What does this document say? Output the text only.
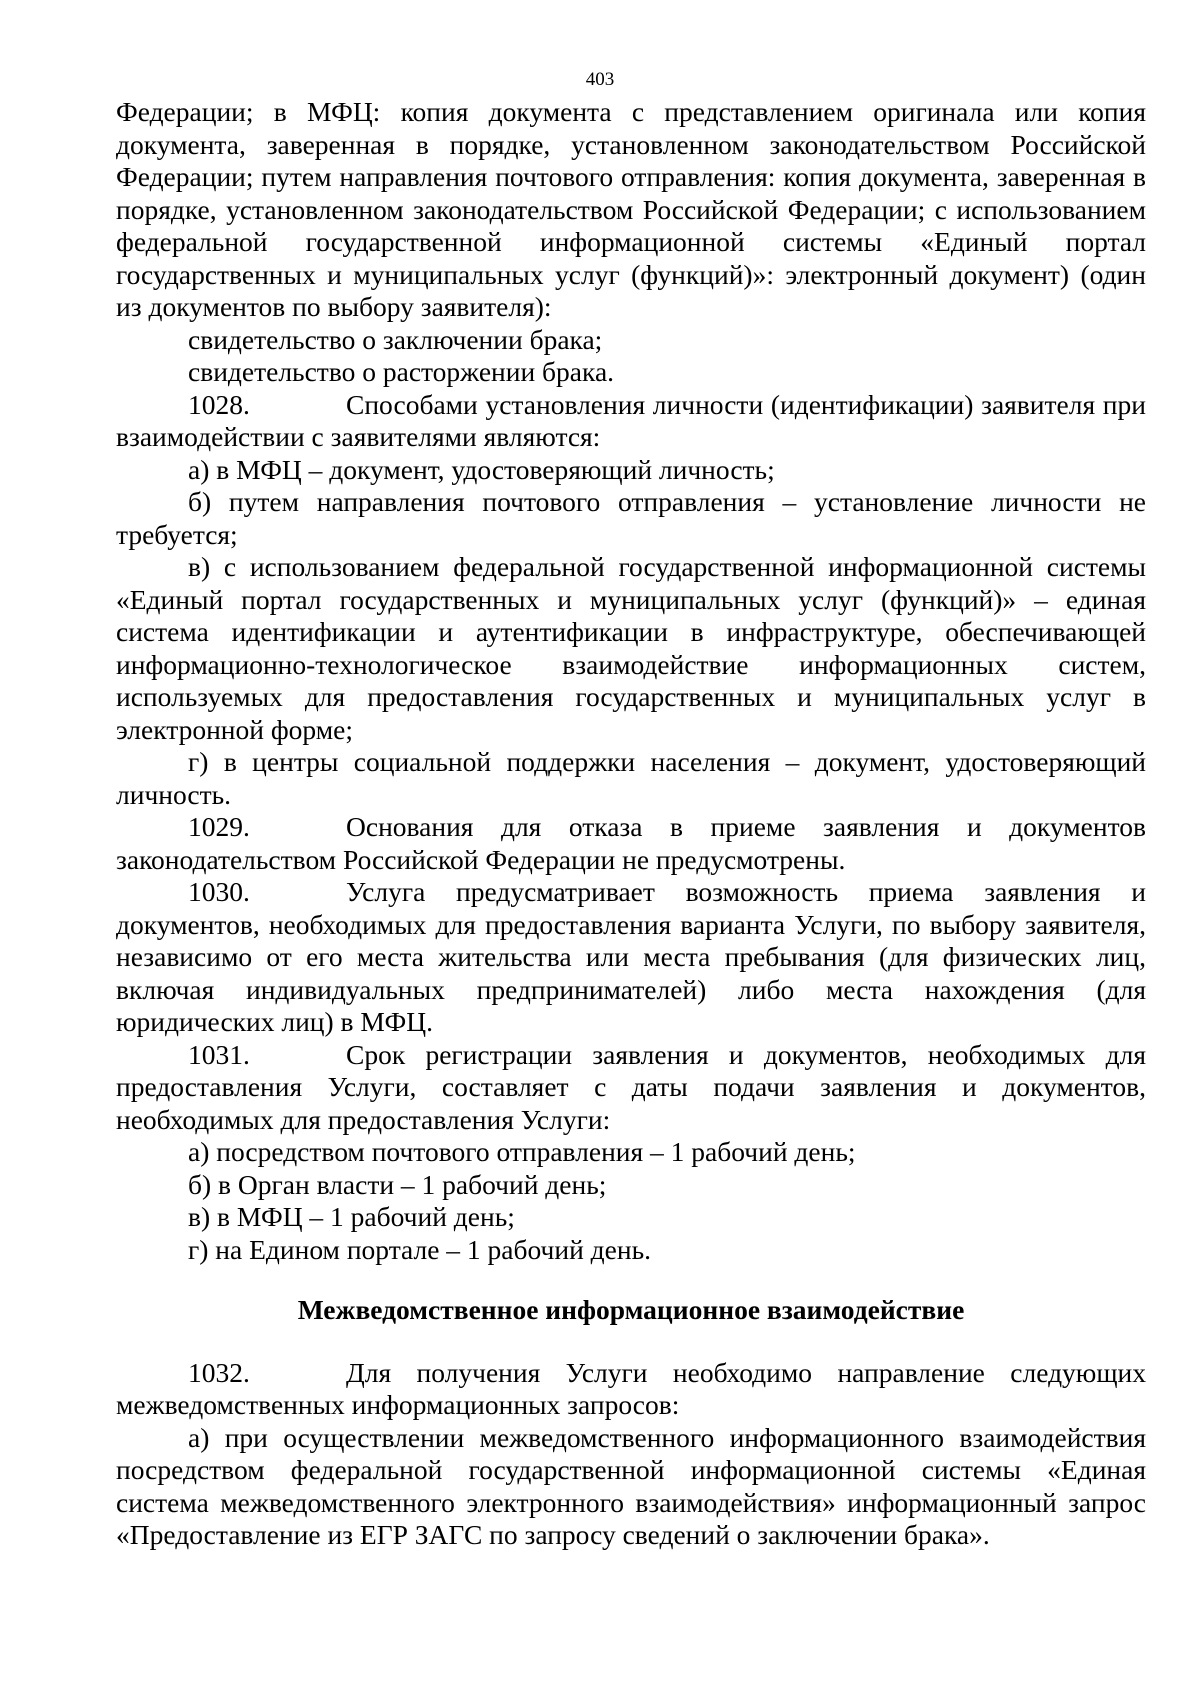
403

Федерации; в МФЦ: копия документа с представлением оригинала или копия документа, заверенная в порядке, установленном законодательством Российской Федерации; путем направления почтового отправления: копия документа, заверенная в порядке, установленном законодательством Российской Федерации; с использованием федеральной государственной информационной системы «Единый портал государственных и муниципальных услуг (функций)»: электронный документ) (один из документов по выбору заявителя):

свидетельство о заключении брака;

свидетельство о расторжении брака.

1028.	Способами установления личности (идентификации) заявителя при взаимодействии с заявителями являются:

а) в МФЦ – документ, удостоверяющий личность;

б) путем направления почтового отправления – установление личности не требуется;

в) с использованием федеральной государственной информационной системы «Единый портал государственных и муниципальных услуг (функций)» – единая система идентификации и аутентификации в инфраструктуре, обеспечивающей информационно-технологическое взаимодействие информационных систем, используемых для предоставления государственных и муниципальных услуг в электронной форме;

г) в центры социальной поддержки населения – документ, удостоверяющий личность.

1029.	Основания для отказа в приеме заявления и документов законодательством Российской Федерации не предусмотрены.

1030.	Услуга предусматривает возможность приема заявления и документов, необходимых для предоставления варианта Услуги, по выбору заявителя, независимо от его места жительства или места пребывания (для физических лиц, включая индивидуальных предпринимателей) либо места нахождения (для юридических лиц) в МФЦ.

1031.	Срок регистрации заявления и документов, необходимых для предоставления Услуги, составляет с даты подачи заявления и документов, необходимых для предоставления Услуги:

а) посредством почтового отправления – 1 рабочий день;

б) в Орган власти – 1 рабочий день;

в) в МФЦ – 1 рабочий день;

г) на Едином портале – 1 рабочий день.

Межведомственное информационное взаимодействие

1032.	Для получения Услуги необходимо направление следующих межведомственных информационных запросов:

а) при осуществлении межведомственного информационного взаимодействия посредством федеральной государственной информационной системы «Единая система межведомственного электронного взаимодействия» информационный запрос «Предоставление из ЕГР ЗАГС по запросу сведений о заключении брака».
